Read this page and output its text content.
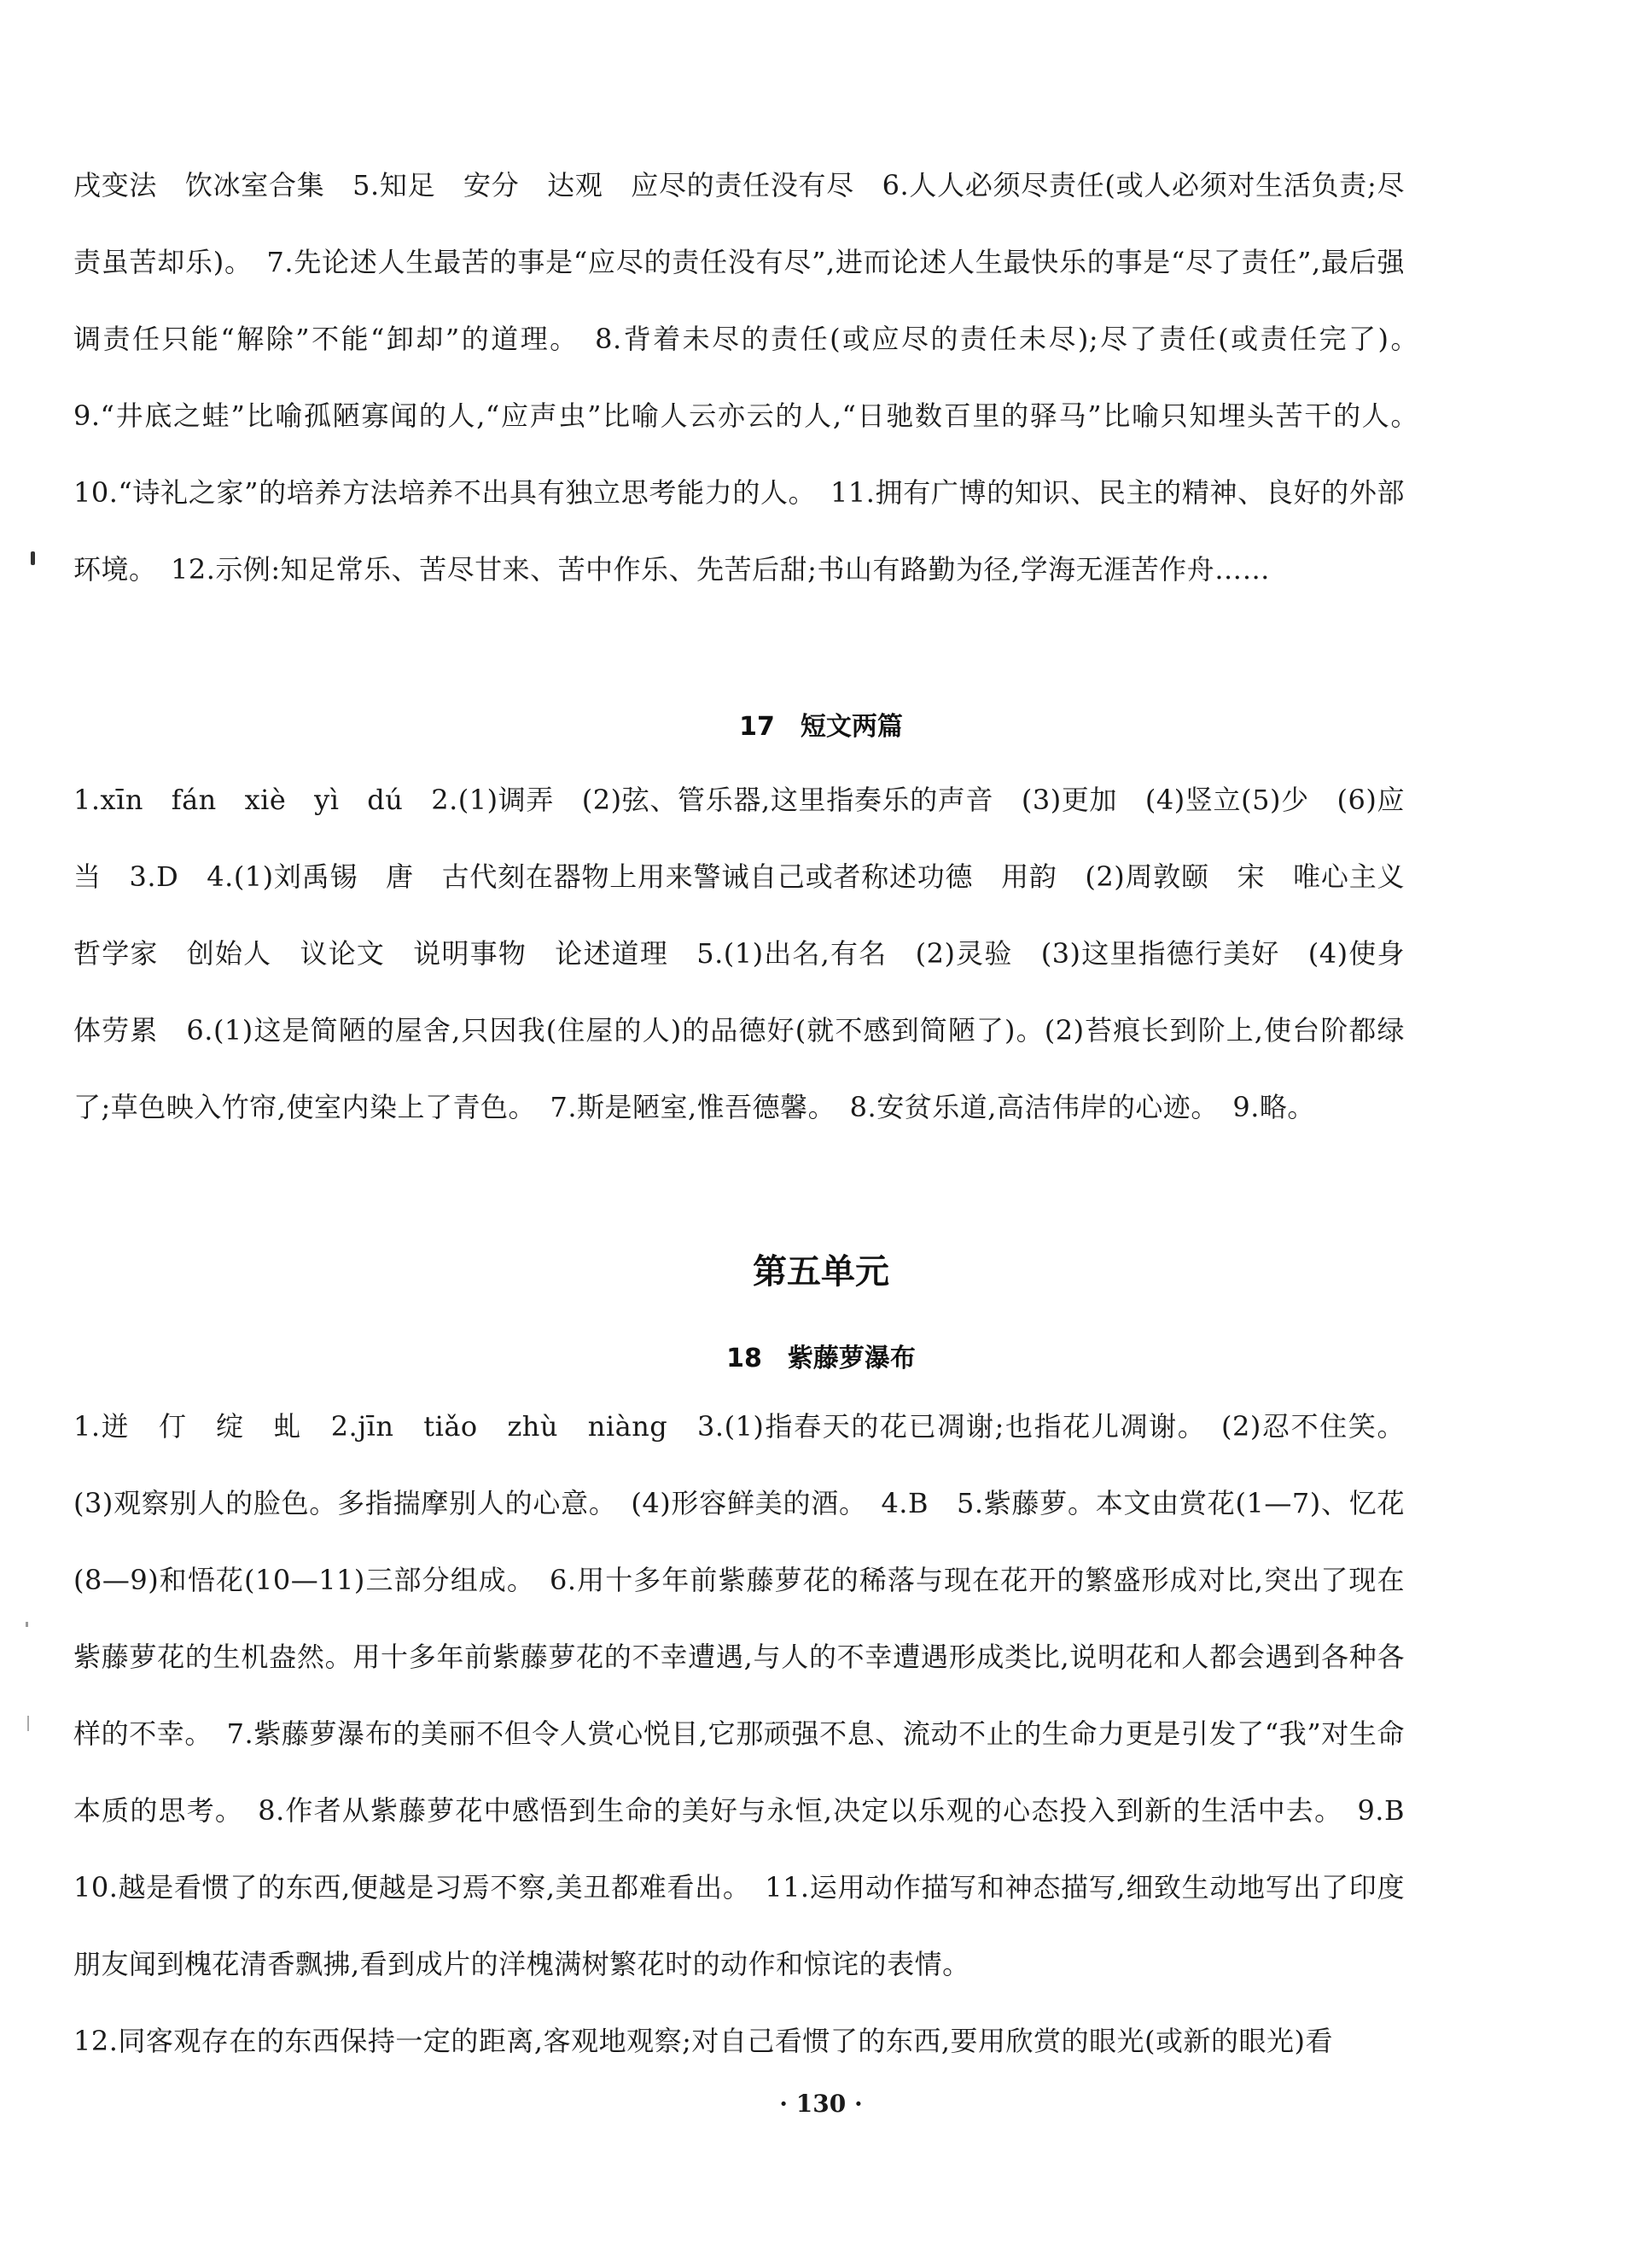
戌变法　饮冰室合集　5.知足　安分　达观　应尽的责任没有尽　6.人人必须尽责任(或人必须对生活负责;尽责虽苦却乐)。　7.先论述人生最苦的事是“应尽的责任没有尽”,进而论述人生最快乐的事是“尽了责任”,最后强调责任只能“解除”不能“卸却”的道理。　8.背着未尽的责任(或应尽的责任未尽);尽了责任(或责任完了)。　9.“井底之蛙”比喻孤陋寡闻的人,“应声虫”比喻人云亦云的人,“日驰数百里的驿马”比喻只知埋头苦干的人。　10.“诗礼之家”的培养方法培养不出具有独立思考能力的人。　11.拥有广博的知识、民主的精神、良好的外部环境。　12.示例:知足常乐、苦尽甘来、苦中作乐、先苦后甜;书山有路勤为径,学海无涯苦作舟……

17　短文两篇

1.xīn　fán　xiè　yì　dú　2.(1)调弄　(2)弦、管乐器,这里指奏乐的声音　(3)更加　(4)竖立(5)少　(6)应当　3.D　4.(1)刘禹锡　唐　古代刻在器物上用来警诫自己或者称述功德　用韵　(2)周敦颐　宋　唯心主义哲学家　创始人　议论文　说明事物　论述道理　5.(1)出名,有名　(2)灵验　(3)这里指德行美好　(4)使身体劳累　6.(1)这是简陋的屋舍,只因我(住屋的人)的品德好(就不感到简陋了)。(2)苔痕长到阶上,使台阶都绿了;草色映入竹帘,使室内染上了青色。　7.斯是陋室,惟吾德馨。　8.安贫乐道,高洁伟岸的心迹。　9.略。

第五单元
18　紫藤萝瀑布

1.迸　仃　绽　虬　2.jīn　tiǎo　zhù　niàng　3.(1)指春天的花已凋谢;也指花儿凋谢。　(2)忍不住笑。(3)观察别人的脸色。多指揣摩别人的心意。　(4)形容鲜美的酒。　4.B　5.紫藤萝。本文由赏花(1—7)、忆花(8—9)和悟花(10—11)三部分组成。　6.用十多年前紫藤萝花的稀落与现在花开的繁盛形成对比,突出了现在紫藤萝花的生机盎然。用十多年前紫藤萝花的不幸遭遇,与人的不幸遭遇形成类比,说明花和人都会遇到各种各样的不幸。　7.紫藤萝瀑布的美丽不但令人赏心悦目,它那顽强不息、流动不止的生命力更是引发了“我”对生命本质的思考。　8.作者从紫藤萝花中感悟到生命的美好与永恒,决定以乐观的心态投入到新的生活中去。　9.B　10.越是看惯了的东西,便越是习焉不察,美丑都难看出。　11.运用动作描写和神态描写,细致生动地写出了印度朋友闻到槐花清香飘拂,看到成片的洋槐满树繁花时的动作和惊诧的表情。

12.同客观存在的东西保持一定的距离,客观地观察;对自己看惯了的东西,要用欣赏的眼光(或新的眼光)看

· 130 ·
